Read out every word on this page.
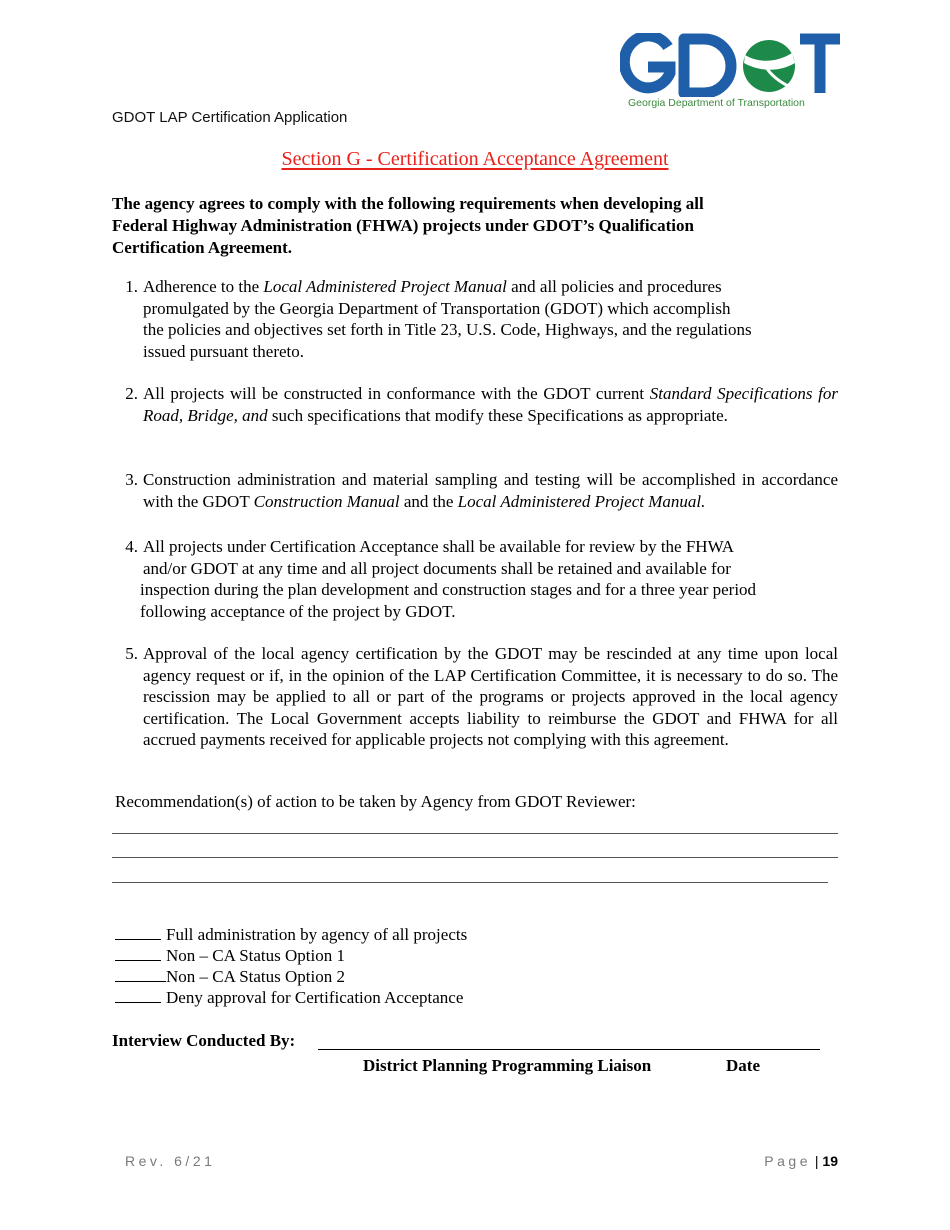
Georgia Department of Transportation
GDOT LAP Certification Application
Section G - Certification Acceptance Agreement
The agency agrees to comply with the following requirements when developing all
Federal Highway Administration (FHWA) projects under GDOT’s Qualification
Certification Agreement.
1. Adherence to the Local Administered Project Manual and all policies and procedures
promulgated by the Georgia Department of Transportation (GDOT) which accomplish
the policies and objectives set forth in Title 23, U.S. Code, Highways, and the regulations
issued pursuant thereto.
2. All projects will be constructed in conformance with the GDOT current Standard Specifications for Road, Bridge, and such specifications that modify these Specifications as appropriate.
3. Construction administration and material sampling and testing will be accomplished in accordance with the GDOT Construction Manual and the Local Administered Project Manual.
4. All projects under Certification Acceptance shall be available for review by the FHWA
and/or GDOT at any time and all project documents shall be retained and available for
inspection during the plan development and construction stages and for a three year period
following acceptance of the project by GDOT.
5. Approval of the local agency certification by the GDOT may be rescinded at any time upon local agency request or if, in the opinion of the LAP Certification Committee, it is necessary to do so. The rescission may be applied to all or part of the programs or projects approved in the local agency certification. The Local Government accepts liability to reimburse the GDOT and FHWA for all accrued payments received for applicable projects not complying with this agreement.
Recommendation(s) of action to be taken by Agency from GDOT Reviewer:
Full administration by agency of all projects
Non – CA Status Option 1
Non – CA Status Option 2
Deny approval for Certification Acceptance
Interview Conducted By:
District Planning Programming Liaison	Date
Rev. 6/21	Page | 19
